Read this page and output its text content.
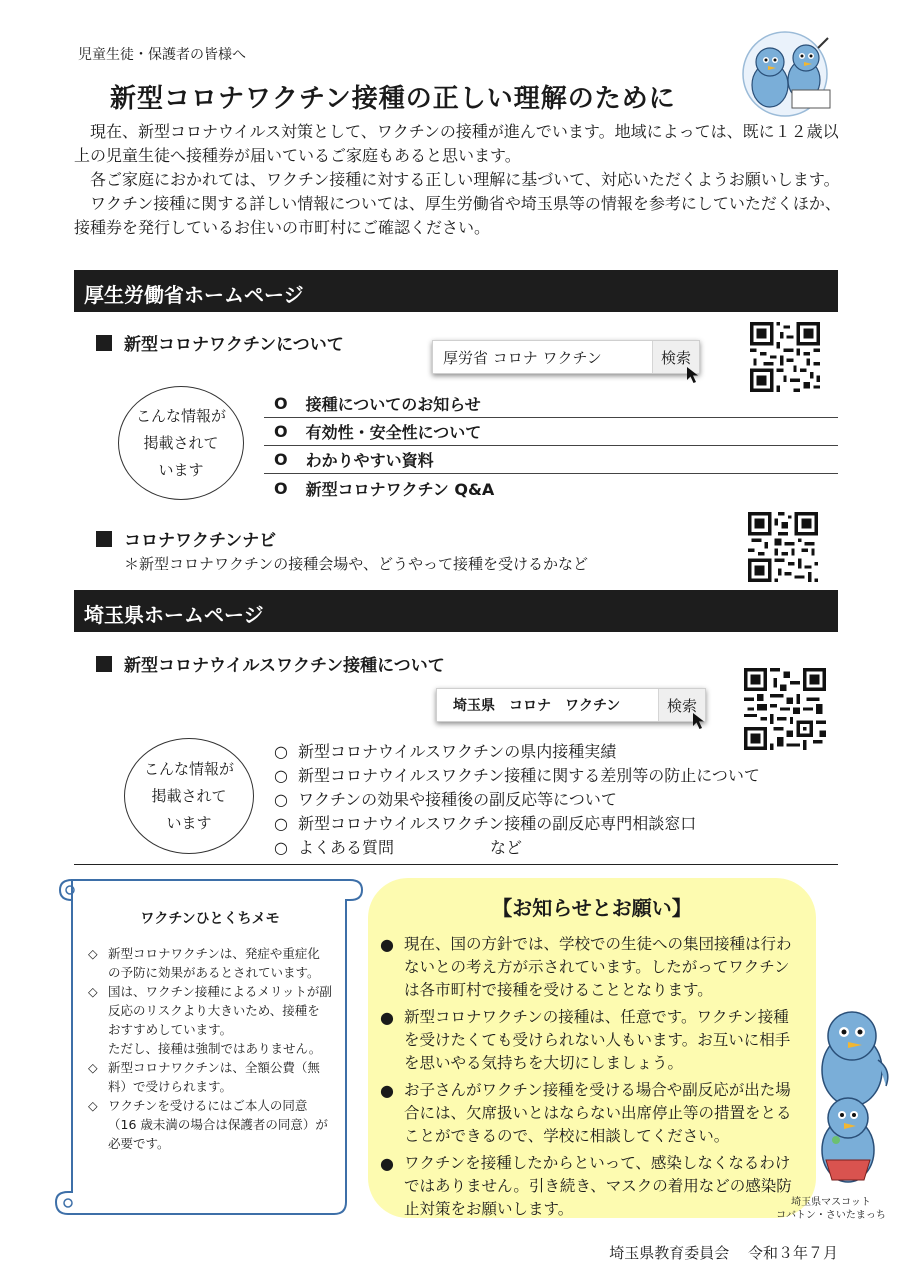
児童生徒・保護者の皆様へ
新型コロナワクチン接種の正しい理解のために

現在、新型コロナウイルス対策として、ワクチンの接種が進んでいます。地域によっては、既に１２歳以上の児童生徒へ接種券が届いているご家庭もあると思います。

各ご家庭におかれては、ワクチン接種に対する正しい理解に基づいて、対応いただくようお願いします。

ワクチン接種に関する詳しい情報については、厚生労働省や埼玉県等の情報を参考にしていただくほか、接種券を発行しているお住いの市町村にご確認ください。

厚生労働省ホームページ
新型コロナワクチンについて
厚労省 コロナ ワクチン	検索
こんな情報が
掲載されて
います
O 接種についてのお知らせ
O 有効性・安全性について
O わかりやすい資料
O 新型コロナワクチン Q&A
コロナワクチンナビ
＊新型コロナワクチンの接種会場や、どうやって接種を受けるかなど
埼玉県ホームページ
新型コロナウイルスワクチン接種について
埼玉県　コロナ　ワクチン	検索
こんな情報が
掲載されて
います
○ 新型コロナウイルスワクチンの県内接種実績
○ 新型コロナウイルスワクチン接種に関する差別等の防止について
○ ワクチンの効果や接種後の副反応等について
○ 新型コロナウイルスワクチン接種の副反応専門相談窓口
○ よくある質問	など
ワクチンひとくちメモ
◇ 新型コロナワクチンは、発症や重症化の予防に効果があるとされています。
◇ 国は、ワクチン接種によるメリットが副反応のリスクより大きいため、接種をおすすめしています。
ただし、接種は強制ではありません。
◇ 新型コロナワクチンは、全額公費（無料）で受けられます。
◇ ワクチンを受けるにはご本人の同意（16 歳未満の場合は保護者の同意）が必要です。
【お知らせとお願い】
● 現在、国の方針では、学校での生徒への集団接種は行わないとの考え方が示されています。したがってワクチンは各市町村で接種を受けることとなります。
● 新型コロナワクチンの接種は、任意です。ワクチン接種を受けたくても受けられない人もいます。お互いに相手を思いやる気持ちを大切にしましょう。
● お子さんがワクチン接種を受ける場合や副反応が出た場合には、欠席扱いとはならない出席停止等の措置をとることができるので、学校に相談してください。
● ワクチンを接種したからといって、感染しなくなるわけではありません。引き続き、マスクの着用などの感染防止対策をお願いします。	埼玉県マスコット
コバトン・さいたまっち
埼玉県教育委員会 令和３年７月
